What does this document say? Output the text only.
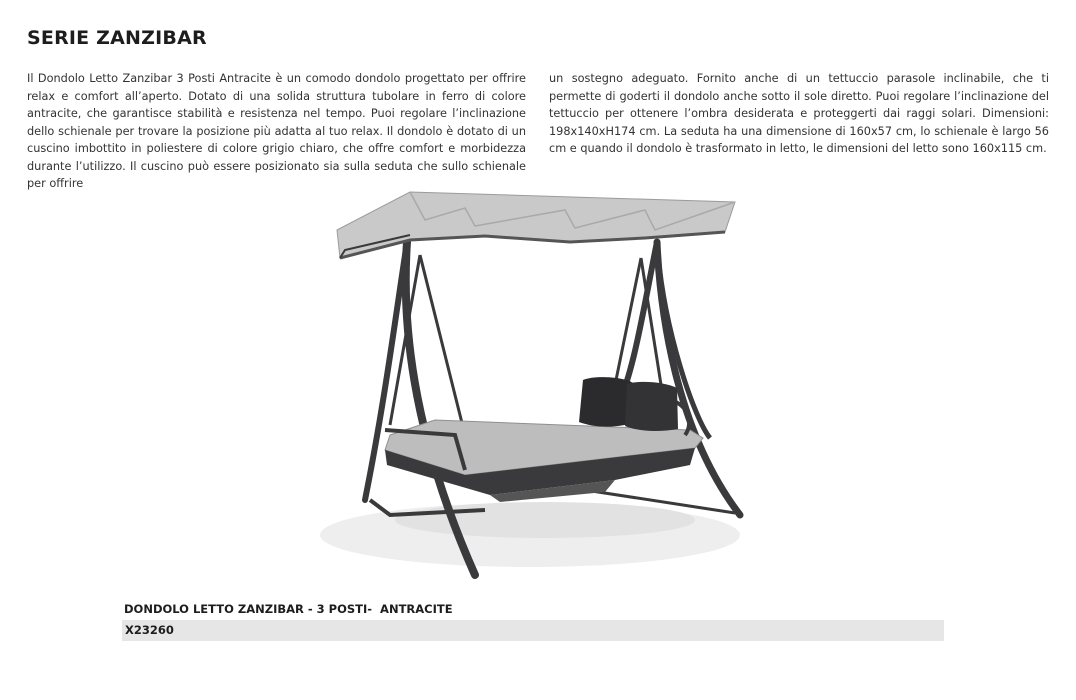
SERIE ZANZIBAR

Il Dondolo Letto Zanzibar 3 Posti Antracite è un comodo dondolo progettato per offrire relax e comfort all’aperto. Dotato di una solida struttura tubolare in ferro di colore antracite, che garantisce stabilità e resistenza nel tempo. Puoi regolare l’inclinazione dello schienale per trovare la posizione più adatta al tuo relax. Il dondolo è dotato di un cuscino imbottito in poliestere di colore grigio chiaro, che offre comfort e morbidezza durante l’utilizzo. Il cuscino può essere posizionato sia sulla seduta che sullo schienale per offrire

un sostegno adeguato. Fornito anche di un tettuccio parasole inclinabile, che ti permette di goderti il dondolo anche sotto il sole diretto. Puoi regolare l’inclinazione del tettuccio per ottenere l’ombra desiderata e proteggerti dai raggi solari. Dimensioni: 198x140xH174 cm. La seduta ha una dimensione di 160x57 cm, lo schienale è largo 56 cm e quando il dondolo è trasformato in letto, le dimensioni del letto sono 160x115 cm.

DONDOLO LETTO ZANZIBAR - 3 POSTI-  ANTRACITE
X23260
